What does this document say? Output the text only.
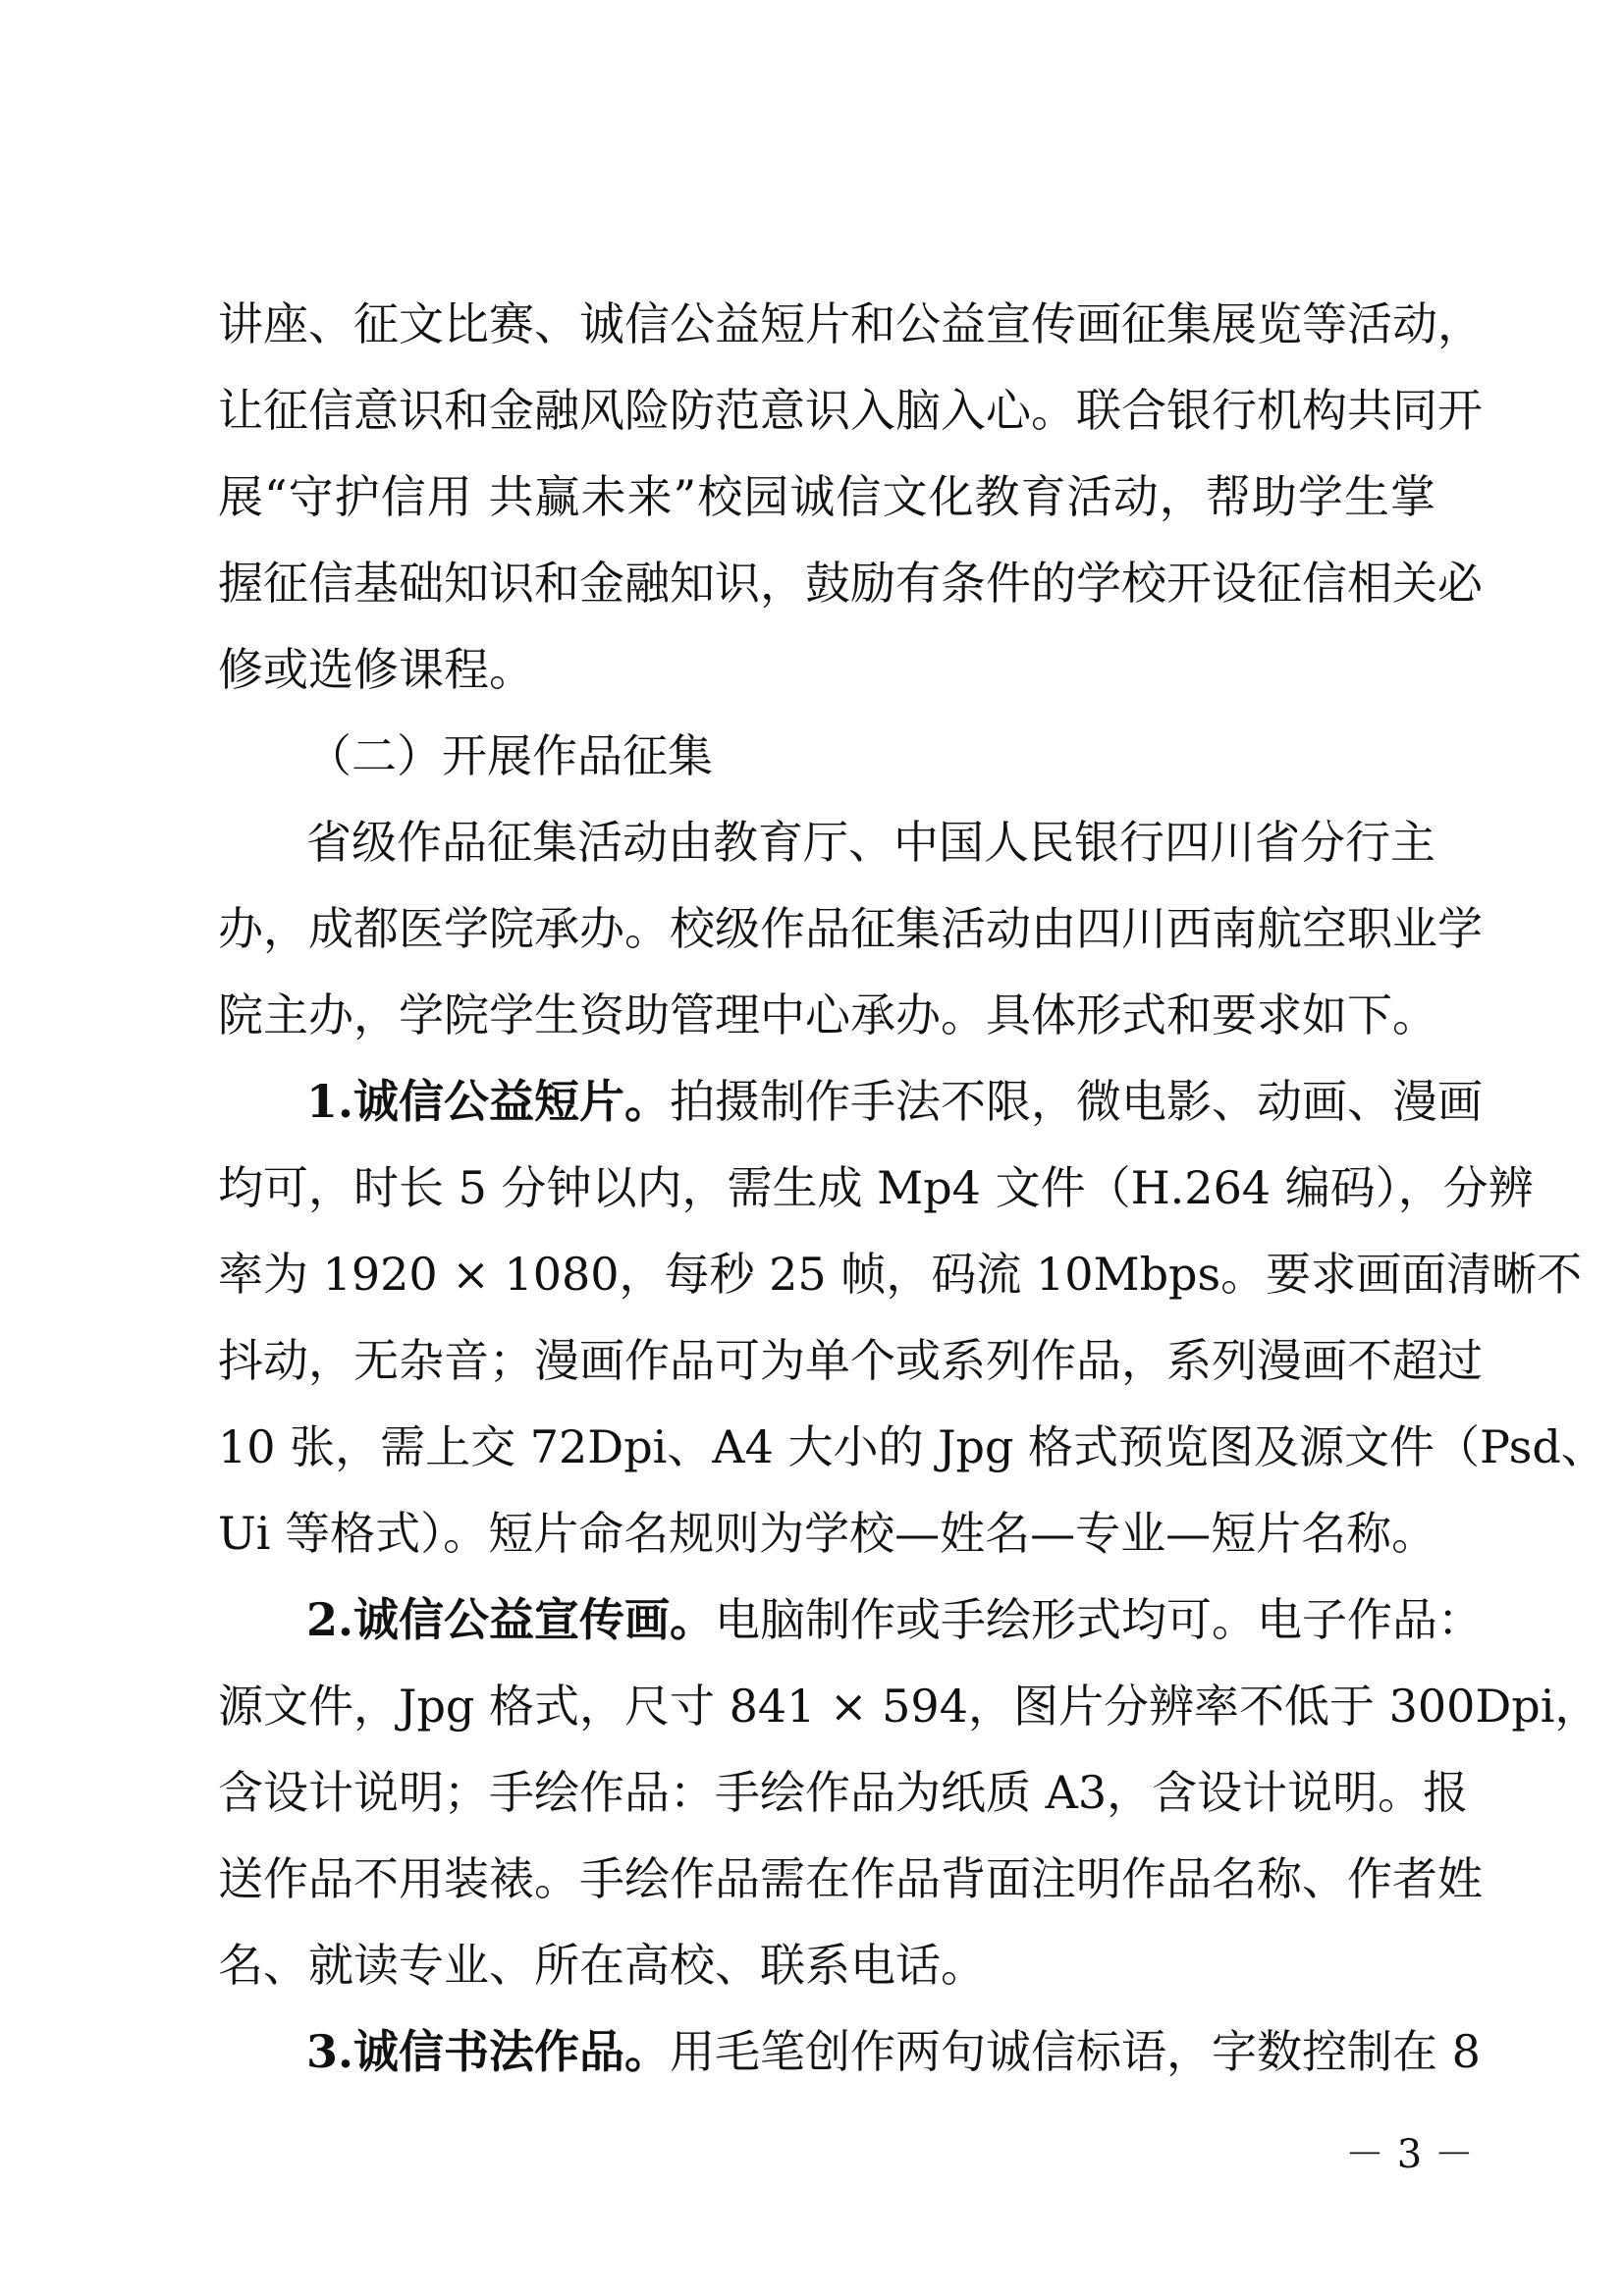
讲座、征文比赛、诚信公益短片和公益宣传画征集展览等活动，
让征信意识和金融风险防范意识入脑入心。联合银行机构共同开
展“守护信用 共赢未来”校园诚信文化教育活动，帮助学生掌
握征信基础知识和金融知识，鼓励有条件的学校开设征信相关必
修或选修课程。
（二）开展作品征集
省级作品征集活动由教育厅、中国人民银行四川省分行主
办，成都医学院承办。校级作品征集活动由四川西南航空职业学
院主办，学院学生资助管理中心承办。具体形式和要求如下。
1.诚信公益短片。拍摄制作手法不限，微电影、动画、漫画
均可，时长 5 分钟以内，需生成 Mp4 文件（H.264 编码），分辨
率为 1920 × 1080，每秒 25 帧，码流 10Mbps。要求画面清晰不
抖动，无杂音；漫画作品可为单个或系列作品，系列漫画不超过
10 张，需上交 72Dpi、A4 大小的 Jpg 格式预览图及源文件（Psd、
Ui 等格式）。短片命名规则为学校—姓名—专业—短片名称。
2.诚信公益宣传画。电脑制作或手绘形式均可。电子作品：
源文件，Jpg 格式，尺寸 841 × 594，图片分辨率不低于 300Dpi，
含设计说明；手绘作品：手绘作品为纸质 A3，含设计说明。报
送作品不用装裱。手绘作品需在作品背面注明作品名称、作者姓
名、就读专业、所在高校、联系电话。
3.诚信书法作品。用毛笔创作两句诚信标语，字数控制在 8
－ 3 －
